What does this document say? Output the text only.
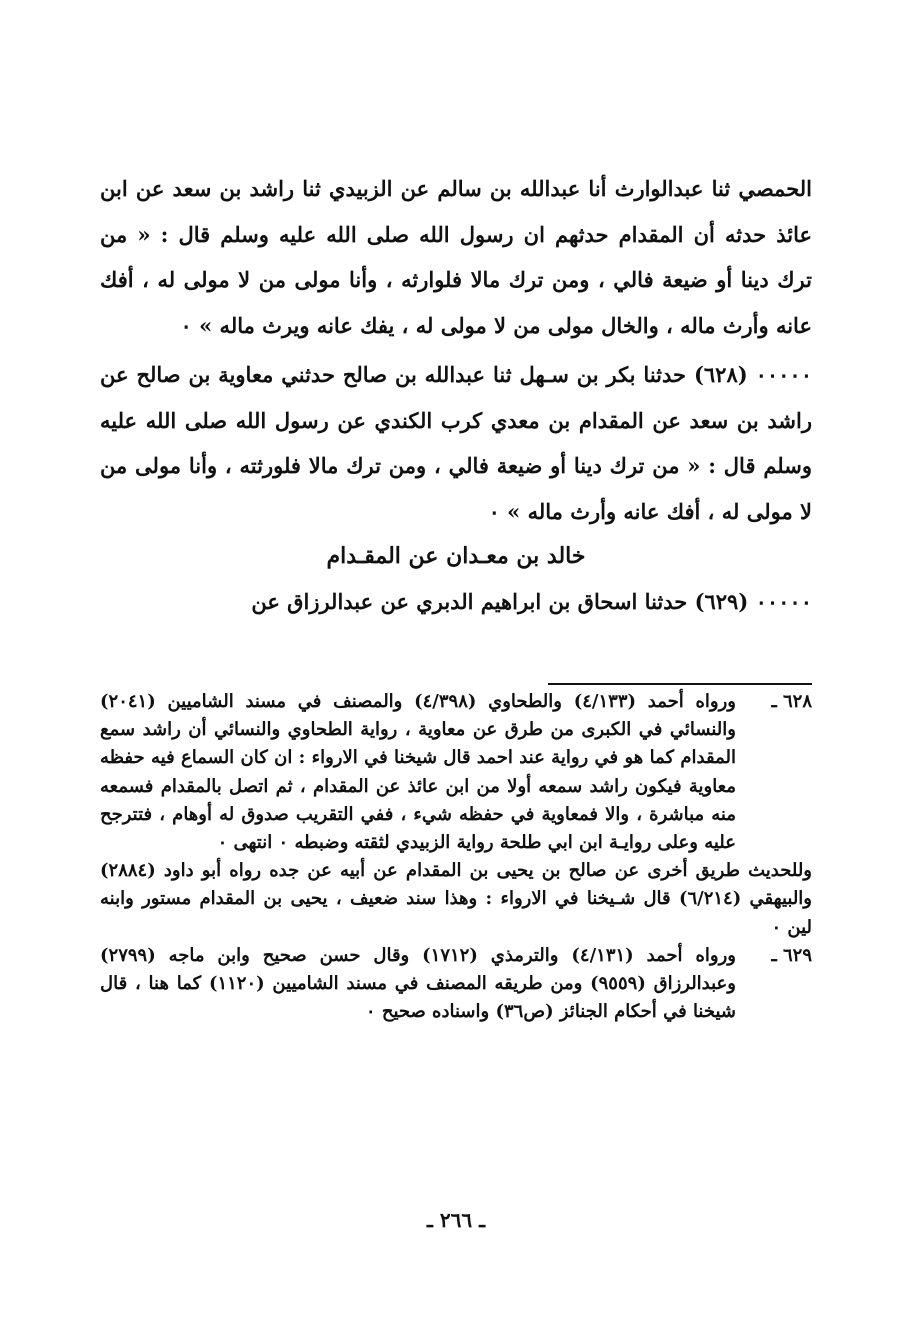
الحمصي ثنا عبدالوارث أنا عبدالله بن سالم عن الزبيدي ثنا راشد بن سعد عن ابن عائذ حدثه أن المقدام حدثهم ان رسول الله صلى الله عليه وسلم قال : « من ترك دينا أو ضيعة فالي ، ومن ترك مالا فلوارثه ، وأنا مولى من لا مولى له ، أفك عانه وأرث ماله ، والخال مولى من لا مولى له ، يفك عانه ويرث ماله » ٠

٠٠٠٠٠ (٦٢٨) حدثنا بكر بن سـهل ثنا عبدالله بن صالح حدثني معاوية بن صالح عن راشد بن سعد عن المقدام بن معدي كرب الكندي عن رسول الله صلى الله عليه وسلم قال : « من ترك دينا أو ضيعة فالي ، ومن ترك مالا فلورثته ، وأنا مولى من لا مولى له ، أفك عانه وأرث ماله » ٠

خالد بن معـدان عن المقـدام

٠٠٠٠٠ (٦٢٩) حدثنا اسحاق بن ابراهيم الدبري عن عبدالرزاق عن

٦٢٨ ـ

ورواه أحمد (٤/١٣٣) والطحاوي (٤/٣٩٨) والمصنف في مسند الشاميين (٢٠٤١) والنسائي في الكبرى من طرق عن معاوية ، رواية الطحاوي والنسائي أن راشد سمع المقدام كما هو في رواية عند احمد قال شيخنا في الارواء : ان كان السماع فيه حفظه معاوية فيكون راشد سمعه أولا من ابن عائذ عن المقدام ، ثم اتصل بالمقدام فسمعه منه مباشرة ، والا فمعاوية في حفظه شيء ، ففي التقريب صدوق له أوهام ، فتترجح عليه وعلى روايـة ابن ابي طلحة رواية الزبيدي لثقته وضبطه ٠ انتهى ٠

وللحديث طريق أخرى عن صالح بن يحيى بن المقدام عن أبيه عن جده رواه أبو داود (٢٨٨٤) والبيهقي (٦/٢١٤) قال شـيخنا في الارواء : وهذا سند ضعيف ، يحيى بن المقدام مستور وابنه لين ٠

٦٢٩ ـ

ورواه أحمد (٤/١٣١) والترمذي (١٧١٢) وقال حسن صحيح وابن ماجه (٢٧٩٩) وعبدالرزاق (٩٥٥٩) ومن طريقه المصنف في مسند الشاميين (١١٢٠) كما هنا ، قال شيخنا في أحكام الجنائز (ص٣٦) واسناده صحيح ٠

ـ ٢٦٦ ـ
